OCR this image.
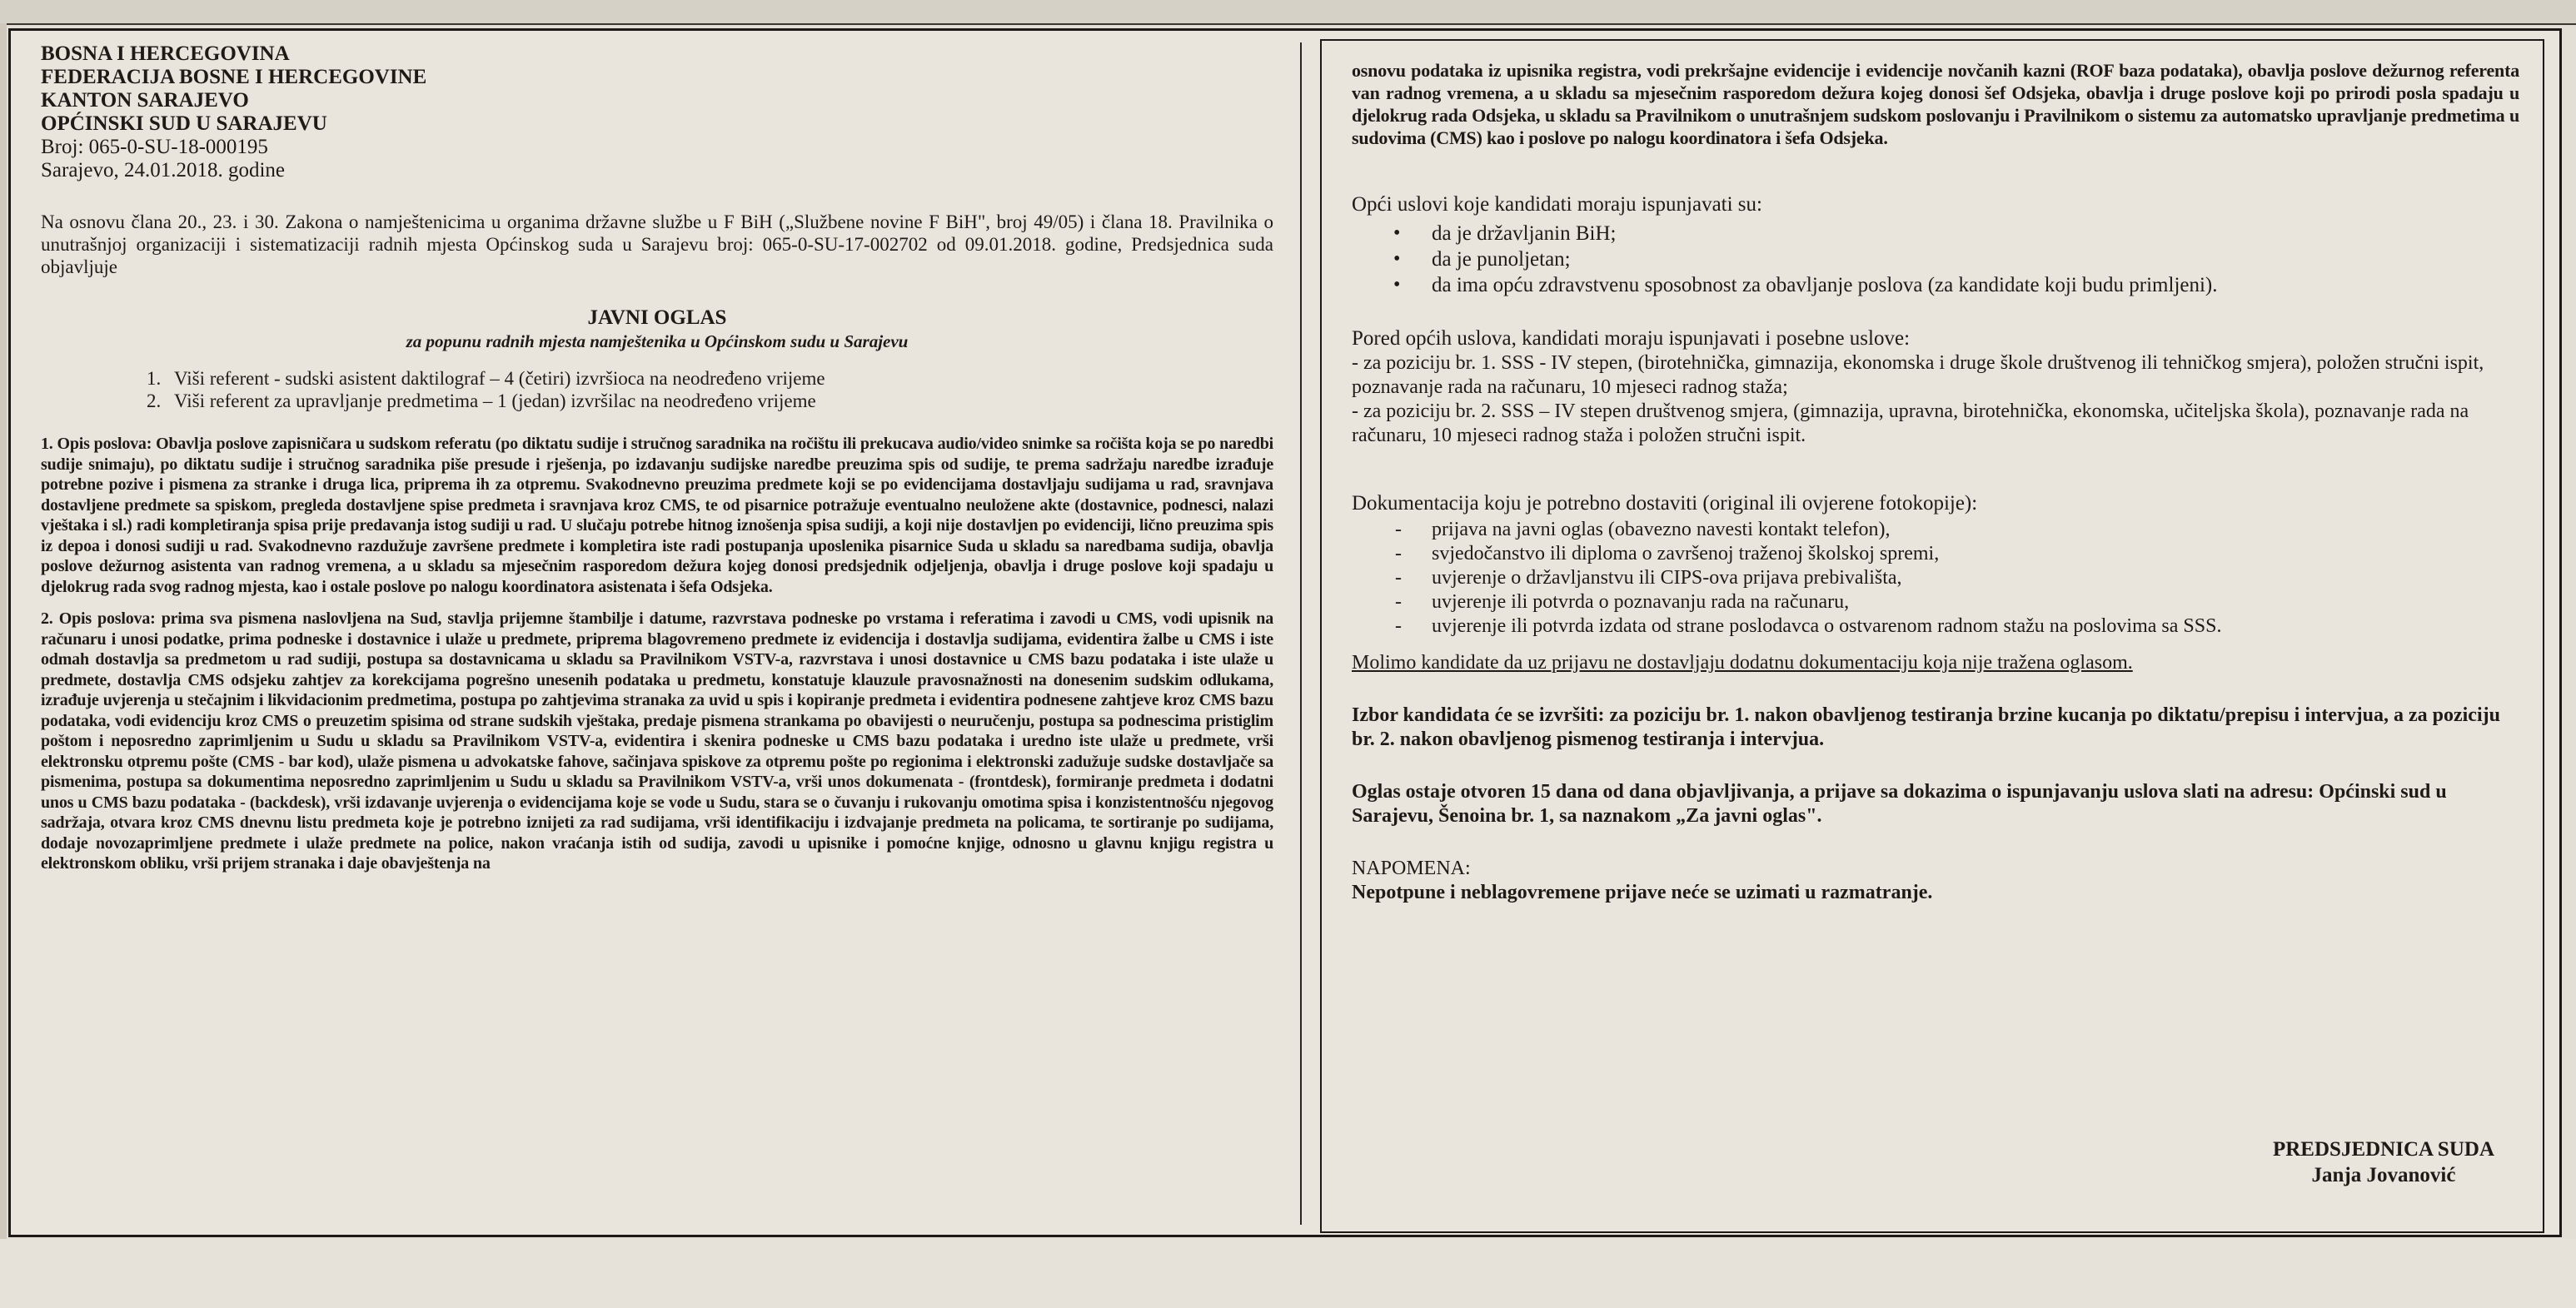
BOSNA I HERCEGOVINA
FEDERACIJA BOSNE I HERCEGOVINE
KANTON SARAJEVO
OPĆINSKI SUD U SARAJEVU
Broj: 065-0-SU-18-000195
Sarajevo, 24.01.2018. godine

Na osnovu člana 20., 23. i 30. Zakona o namještenicima u organima državne službe u F BiH („Službene novine F BiH", broj 49/05) i člana 18. Pravilnika o unutrašnjoj organizaciji i sistematizaciji radnih mjesta Općinskog suda u Sarajevu broj: 065-0-SU-17-002702 od 09.01.2018. godine, Predsjednica suda objavljuje

JAVNI OGLAS
za popunu radnih mjesta namještenika u Općinskom sudu u Sarajevu
1. Viši referent - sudski asistent daktilograf – 4 (četiri) izvršioca na neodređeno vrijeme
2. Viši referent za upravljanje predmetima – 1 (jedan) izvršilac na neodređeno vrijeme

1. Opis poslova: Obavlja poslove zapisničara u sudskom referatu (po diktatu sudije i stručnog saradnika na ročištu ili prekucava audio/video snimke sa ročišta koja se po naredbi sudije snimaju), po diktatu sudije i stručnog saradnika piše presude i rješenja, po izdavanju sudijske naredbe preuzima spis od sudije, te prema sadržaju naredbe izrađuje potrebne pozive i pismena za stranke i druga lica, priprema ih za otpremu. Svakodnevno preuzima predmete koji se po evidencijama dostavljaju sudijama u rad, sravnjava dostavljene predmete sa spiskom, pregleda dostavljene spise predmeta i sravnjava kroz CMS, te od pisarnice potražuje eventualno neuložene akte (dostavnice, podnesci, nalazi vještaka i sl.) radi kompletiranja spisa prije predavanja istog sudiji u rad. U slučaju potrebe hitnog iznošenja spisa sudiji, a koji nije dostavljen po evidenciji, lično preuzima spis iz depoa i donosi sudiji u rad. Svakodnevno razdužuje završene predmete i kompletira iste radi postupanja uposlenika pisarnice Suda u skladu sa naredbama sudija, obavlja poslove dežurnog asistenta van radnog vremena, a u skladu sa mjesečnim rasporedom dežura kojeg donosi predsjednik odjeljenja, obavlja i druge poslove koji spadaju u djelokrug rada svog radnog mjesta, kao i ostale poslove po nalogu koordinatora asistenata i šefa Odsjeka.

2. Opis poslova: prima sva pismena naslovljena na Sud, stavlja prijemne štambilje i datume, razvrstava podneske po vrstama i referatima i zavodi u CMS, vodi upisnik na računaru i unosi podatke, prima podneske i dostavnice i ulaže u predmete, priprema blagovremeno predmete iz evidencija i dostavlja sudijama, evidentira žalbe u CMS i iste odmah dostavlja sa predmetom u rad sudiji, postupa sa dostavnicama u skladu sa Pravilnikom VSTV-a, razvrstava i unosi dostavnice u CMS bazu podataka i iste ulaže u predmete, dostavlja CMS odsjeku zahtjev za korekcijama pogrešno unesenih podataka u predmetu, konstatuje klauzule pravosnažnosti na donesenim sudskim odlukama, izrađuje uvjerenja u stečajnim i likvidacionim predmetima, postupa po zahtjevima stranaka za uvid u spis i kopiranje predmeta i evidentira podnesene zahtjeve kroz CMS bazu podataka, vodi evidenciju kroz CMS o preuzetim spisima od strane sudskih vještaka, predaje pismena strankama po obavijesti o neuručenju, postupa sa podnescima pristiglim poštom i neposredno zaprimljenim u Sudu u skladu sa Pravilnikom VSTV-a, evidentira i skenira podneske u CMS bazu podataka i uredno iste ulaže u predmete, vrši elektronsku otpremu pošte (CMS - bar kod), ulaže pismena u advokatske fahove, sačinjava spiskove za otpremu pošte po regionima i elektronski zadužuje sudske dostavljače sa pismenima, postupa sa dokumentima neposredno zaprimljenim u Sudu u skladu sa Pravilnikom VSTV-a, vrši unos dokumenata - (frontdesk), formiranje predmeta i dodatni unos u CMS bazu podataka - (backdesk), vrši izdavanje uvjerenja o evidencijama koje se vode u Sudu, stara se o čuvanju i rukovanju omotima spisa i konzistentnošću njegovog sadržaja, otvara kroz CMS dnevnu listu predmeta koje je potrebno iznijeti za rad sudijama, vrši identifikaciju i izdvajanje predmeta na policama, te sortiranje po sudijama, dodaje novozaprimljene predmete i ulaže predmete na police, nakon vraćanja istih od sudija, zavodi u upisnike i pomoćne knjige, odnosno u glavnu knjigu registra u elektronskom obliku, vrši prijem stranaka i daje obavještenja na

osnovu podataka iz upisnika registra, vodi prekršajne evidencije i evidencije novčanih kazni (ROF baza podataka), obavlja poslove dežurnog referenta van radnog vremena, a u skladu sa mjesečnim rasporedom dežura kojeg donosi šef Odsjeka, obavlja i druge poslove koji po prirodi posla spadaju u djelokrug rada Odsjeka, u skladu sa Pravilnikom o unutrašnjem sudskom poslovanju i Pravilnikom o sistemu za automatsko upravljanje predmetima u sudovima (CMS) kao i poslove po nalogu koordinatora i šefa Odsjeka.

Opći uslovi koje kandidati moraju ispunjavati su:

• da je državljanin BiH;
• da je punoljetan;
• da ima opću zdravstvenu sposobnost za obavljanje poslova (za kandidate koji budu primljeni).

Pored općih uslova, kandidati moraju ispunjavati i posebne uslove:

- za poziciju br. 1. SSS - IV stepen, (birotehnička, gimnazija, ekonomska i druge škole društvenog ili tehničkog smjera), položen stručni ispit, poznavanje rada na računaru, 10 mjeseci radnog staža;

- za poziciju br. 2. SSS – IV stepen društvenog smjera, (gimnazija, upravna, birotehnička, ekonomska, učiteljska škola), poznavanje rada na računaru, 10 mjeseci radnog staža i položen stručni ispit.

Dokumentacija koju je potrebno dostaviti (original ili ovjerene fotokopije):

- prijava na javni oglas (obavezno navesti kontakt telefon),
- svjedočanstvo ili diploma o završenoj traženoj školskoj spremi,
- uvjerenje o državljanstvu ili CIPS-ova prijava prebivališta,
- uvjerenje ili potvrda o poznavanju rada na računaru,
- uvjerenje ili potvrda izdata od strane poslodavca o ostvarenom radnom stažu na poslovima sa SSS.

Molimo kandidate da uz prijavu ne dostavljaju dodatnu dokumentaciju koja nije tražena oglasom.

Izbor kandidata će se izvršiti: za poziciju br. 1. nakon obavljenog testiranja brzine kucanja po diktatu/prepisu i intervjua, a za poziciju br. 2. nakon obavljenog pismenog testiranja i intervjua.

Oglas ostaje otvoren 15 dana od dana objavljivanja, a prijave sa dokazima o ispunjavanju uslova slati na adresu: Općinski sud u Sarajevu, Šenoina br. 1, sa naznakom „Za javni oglas".

NAPOMENA:

Nepotpune i neblagovremene prijave neće se uzimati u razmatranje.

PREDSJEDNICA SUDA
Janja Jovanović
